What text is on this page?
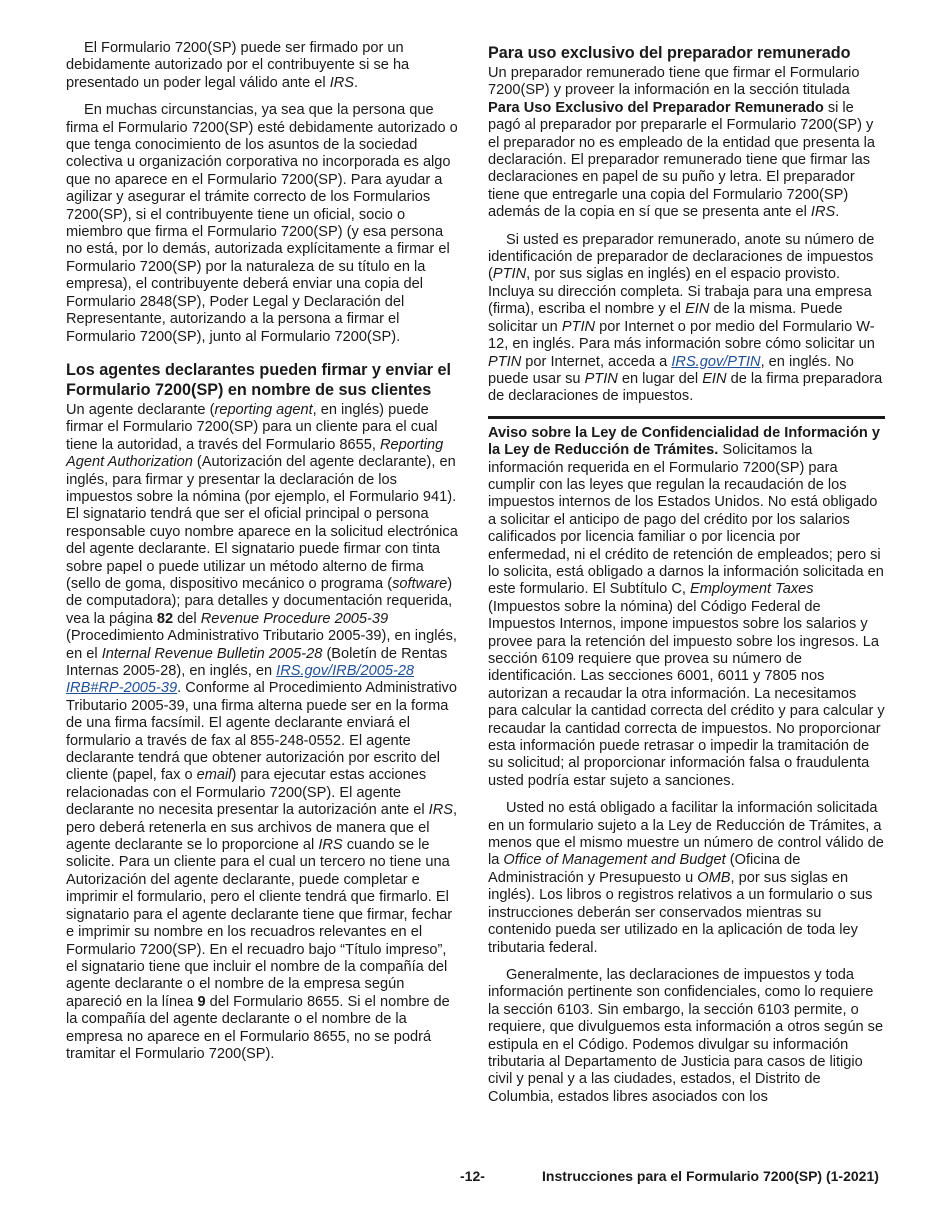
El Formulario 7200(SP) puede ser firmado por un debidamente autorizado por el contribuyente si se ha presentado un poder legal válido ante el IRS.

En muchas circunstancias, ya sea que la persona que firma el Formulario 7200(SP) esté debidamente autorizado o que tenga conocimiento de los asuntos de la sociedad colectiva u organización corporativa no incorporada es algo que no aparece en el Formulario 7200(SP). Para ayudar a agilizar y asegurar el trámite correcto de los Formularios 7200(SP), si el contribuyente tiene un oficial, socio o miembro que firma el Formulario 7200(SP) (y esa persona no está, por lo demás, autorizada explícitamente a firmar el Formulario 7200(SP) por la naturaleza de su título en la empresa), el contribuyente deberá enviar una copia del Formulario 2848(SP), Poder Legal y Declaración del Representante, autorizando a la persona a firmar el Formulario 7200(SP), junto al Formulario 7200(SP).

Los agentes declarantes pueden firmar y enviar el Formulario 7200(SP) en nombre de sus clientes

Un agente declarante (reporting agent, en inglés) puede firmar el Formulario 7200(SP) para un cliente para el cual tiene la autoridad, a través del Formulario 8655, Reporting Agent Authorization (Autorización del agente declarante), en inglés, para firmar y presentar la declaración de los impuestos sobre la nómina (por ejemplo, el Formulario 941). El signatario tendrá que ser el oficial principal o persona responsable cuyo nombre aparece en la solicitud electrónica del agente declarante. El signatario puede firmar con tinta sobre papel o puede utilizar un método alterno de firma (sello de goma, dispositivo mecánico o programa (software) de computadora); para detalles y documentación requerida, vea la página 82 del Revenue Procedure 2005-39 (Procedimiento Administrativo Tributario 2005-39), en inglés, en el Internal Revenue Bulletin 2005-28 (Boletín de Rentas Internas 2005-28), en inglés, en IRS.gov/IRB/2005-28 IRB#RP-2005-39. Conforme al Procedimiento Administrativo Tributario 2005-39, una firma alterna puede ser en la forma de una firma facsímil. El agente declarante enviará el formulario a través de fax al 855-248-0552. El agente declarante tendrá que obtener autorización por escrito del cliente (papel, fax o email) para ejecutar estas acciones relacionadas con el Formulario 7200(SP). El agente declarante no necesita presentar la autorización ante el IRS, pero deberá retenerla en sus archivos de manera que el agente declarante se lo proporcione al IRS cuando se le solicite. Para un cliente para el cual un tercero no tiene una Autorización del agente declarante, puede completar e imprimir el formulario, pero el cliente tendrá que firmarlo. El signatario para el agente declarante tiene que firmar, fechar e imprimir su nombre en los recuadros relevantes en el Formulario 7200(SP). En el recuadro bajo “Título impreso”, el signatario tiene que incluir el nombre de la compañía del agente declarante o el nombre de la empresa según apareció en la línea 9 del Formulario 8655. Si el nombre de la compañía del agente declarante o el nombre de la empresa no aparece en el Formulario 8655, no se podrá tramitar el Formulario 7200(SP).

Para uso exclusivo del preparador remunerado

Un preparador remunerado tiene que firmar el Formulario 7200(SP) y proveer la información en la sección titulada Para Uso Exclusivo del Preparador Remunerado si le pagó al preparador por prepararle el Formulario 7200(SP) y el preparador no es empleado de la entidad que presenta la declaración. El preparador remunerado tiene que firmar las declaraciones en papel de su puño y letra. El preparador tiene que entregarle una copia del Formulario 7200(SP) además de la copia en sí que se presenta ante el IRS.

Si usted es preparador remunerado, anote su número de identificación de preparador de declaraciones de impuestos (PTIN, por sus siglas en inglés) en el espacio provisto. Incluya su dirección completa. Si trabaja para una empresa (firma), escriba el nombre y el EIN de la misma. Puede solicitar un PTIN por Internet o por medio del Formulario W-12, en inglés. Para más información sobre cómo solicitar un PTIN por Internet, acceda a IRS.gov/PTIN, en inglés. No puede usar su PTIN en lugar del EIN de la firma preparadora de declaraciones de impuestos.

Aviso sobre la Ley de Confidencialidad de Información y la Ley de Reducción de Trámites. Solicitamos la información requerida en el Formulario 7200(SP) para cumplir con las leyes que regulan la recaudación de los impuestos internos de los Estados Unidos. No está obligado a solicitar el anticipo de pago del crédito por los salarios calificados por licencia familiar o por licencia por enfermedad, ni el crédito de retención de empleados; pero si lo solicita, está obligado a darnos la información solicitada en este formulario. El Subtítulo C, Employment Taxes (Impuestos sobre la nómina) del Código Federal de Impuestos Internos, impone impuestos sobre los salarios y provee para la retención del impuesto sobre los ingresos. La sección 6109 requiere que provea su número de identificación. Las secciones 6001, 6011 y 7805 nos autorizan a recaudar la otra información. La necesitamos para calcular la cantidad correcta del crédito y para calcular y recaudar la cantidad correcta de impuestos. No proporcionar esta información puede retrasar o impedir la tramitación de su solicitud; al proporcionar información falsa o fraudulenta usted podría estar sujeto a sanciones.

Usted no está obligado a facilitar la información solicitada en un formulario sujeto a la Ley de Reducción de Trámites, a menos que el mismo muestre un número de control válido de la Office of Management and Budget (Oficina de Administración y Presupuesto u OMB, por sus siglas en inglés). Los libros o registros relativos a un formulario o sus instrucciones deberán ser conservados mientras su contenido pueda ser utilizado en la aplicación de toda ley tributaria federal.

Generalmente, las declaraciones de impuestos y toda información pertinente son confidenciales, como lo requiere la sección 6103. Sin embargo, la sección 6103 permite, o requiere, que divulguemos esta información a otros según se estipula en el Código. Podemos divulgar su información tributaria al Departamento de Justicia para casos de litigio civil y penal y a las ciudades, estados, el Distrito de Columbia, estados libres asociados con los

-12-	Instrucciones para el Formulario 7200(SP) (1-2021)
